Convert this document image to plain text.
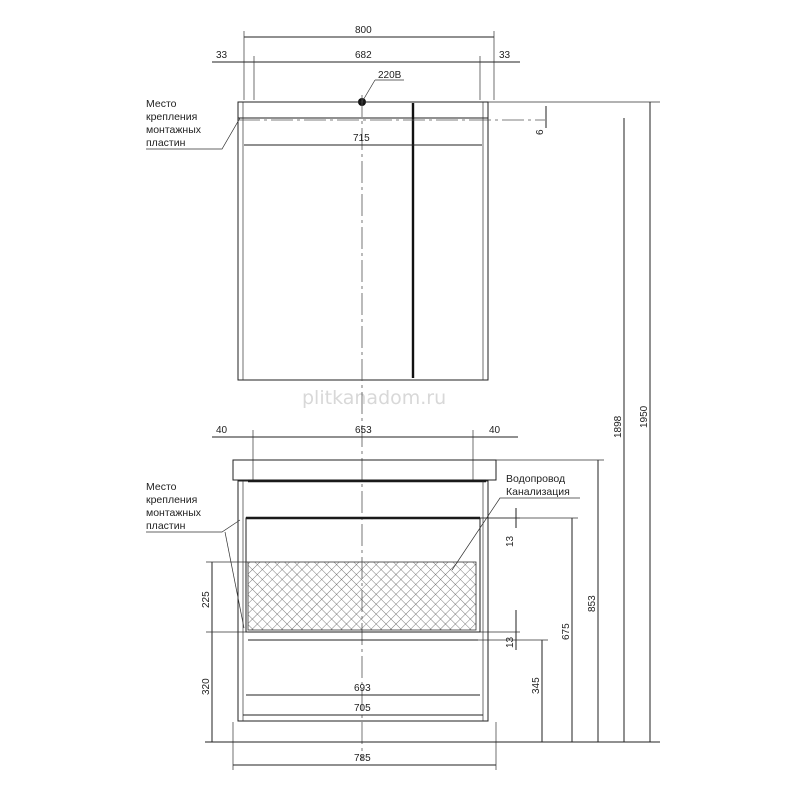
plitkanadom.ru
800
33	682	33
220В
715
6
Место
крепления
монтажных
пластин
40	653	40
Водопровод
Канализация
Место
крепления
монтажных
пластин
225
320	693
705
785
13
13
345
675
853
1898 1950
